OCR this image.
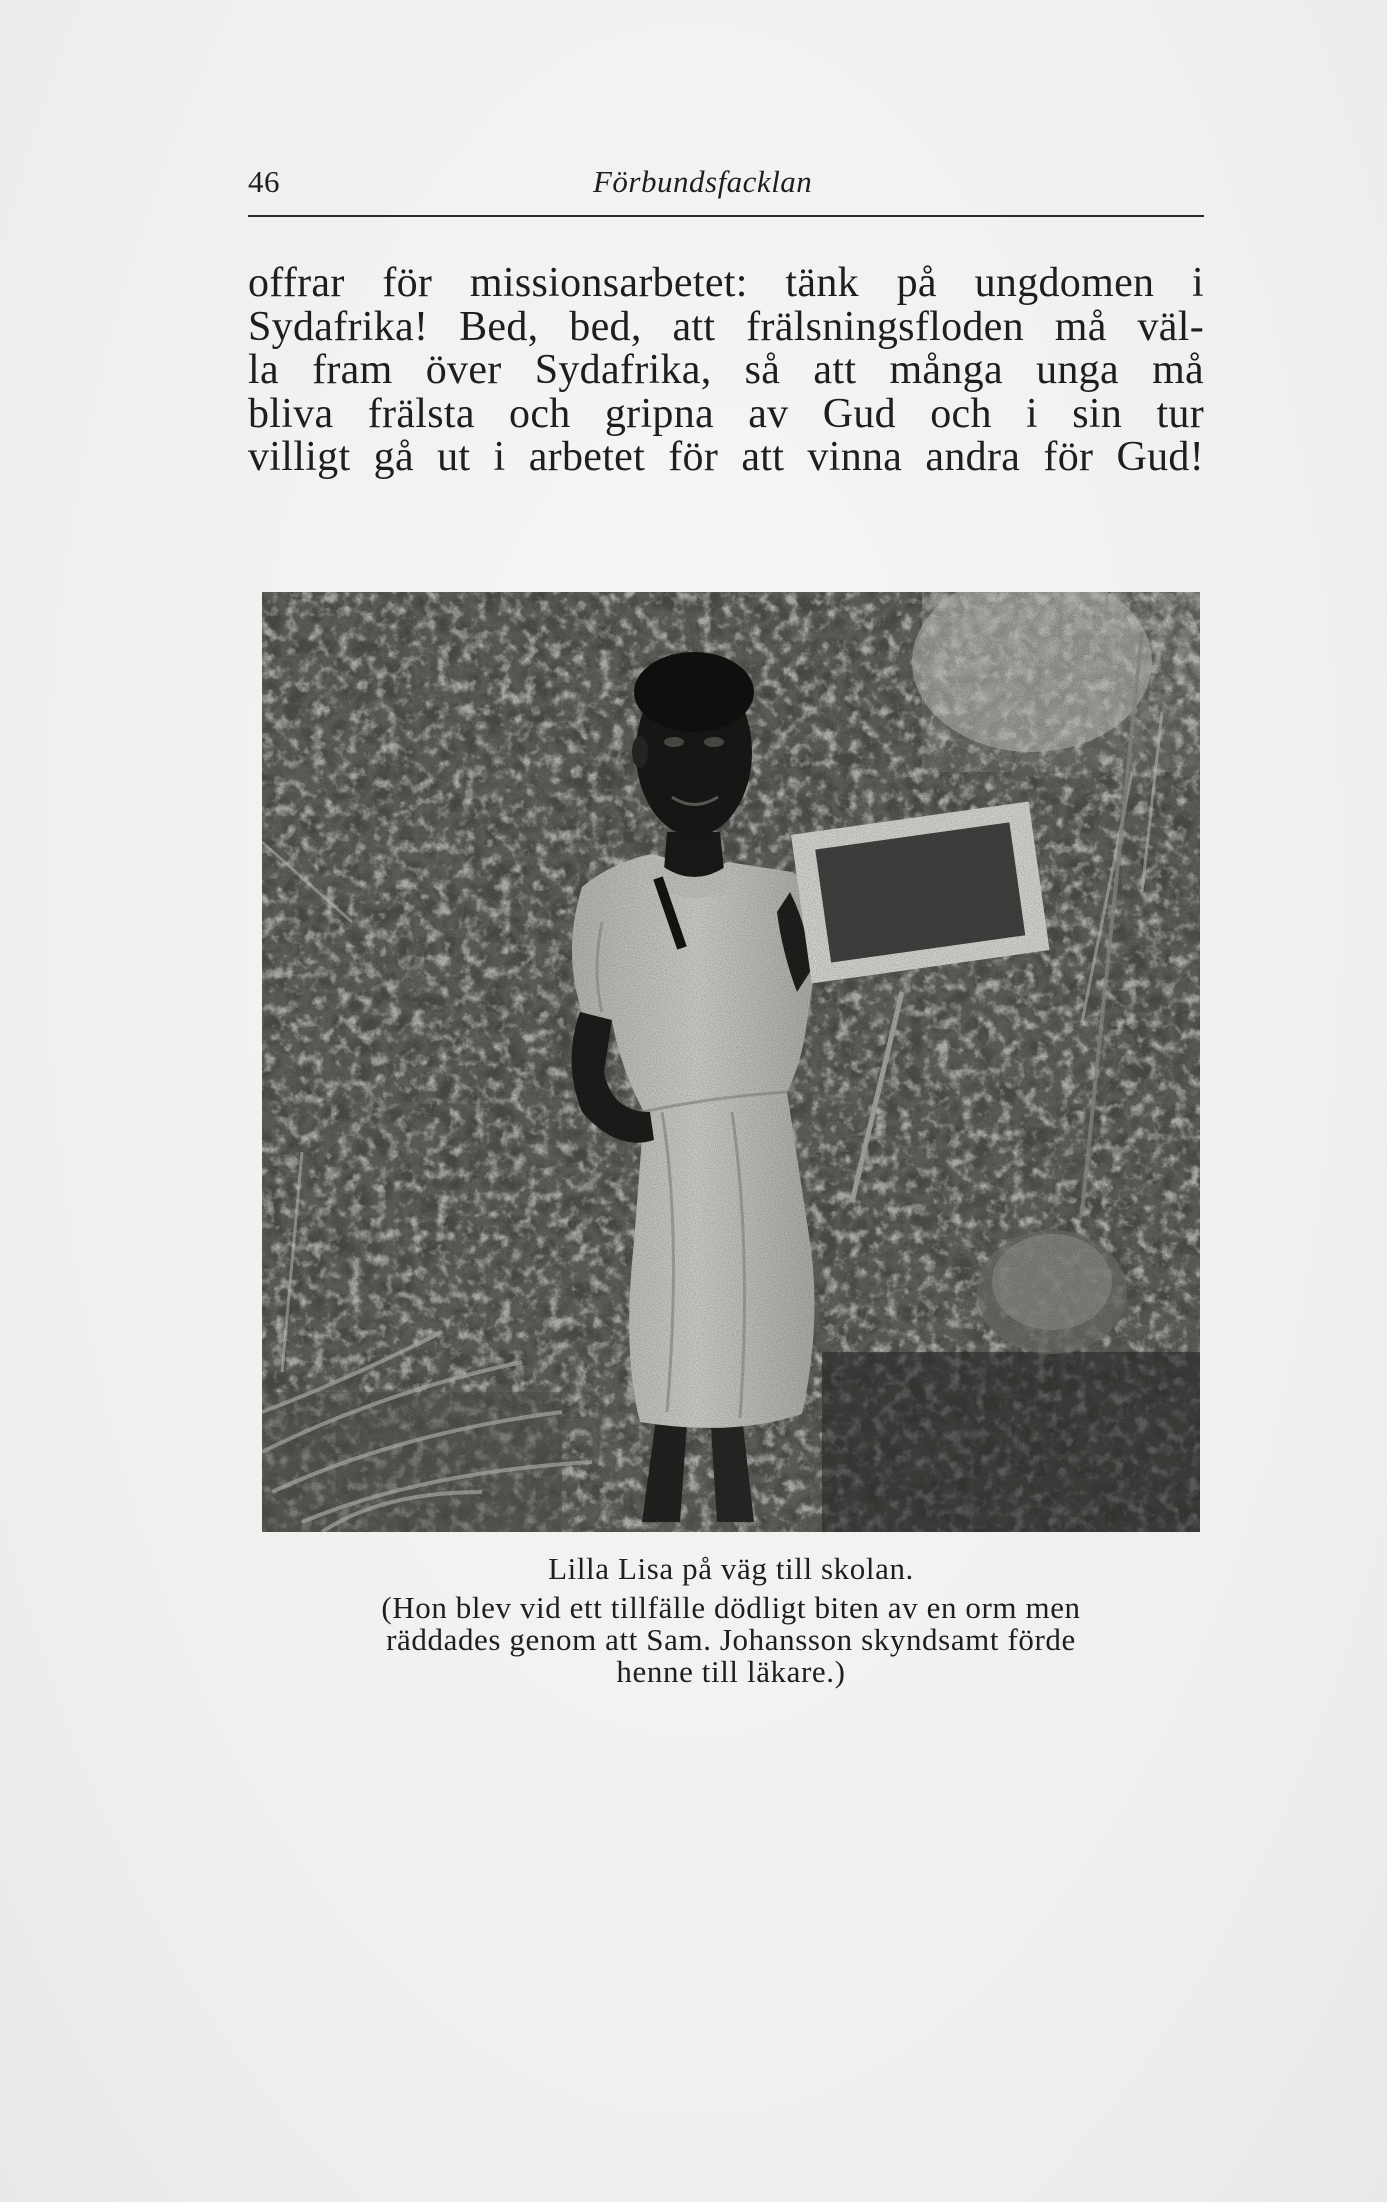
46	Förbundsfacklan
offrar för missionsarbetet: tänk på ungdomen i
Sydafrika! Bed, bed, att frälsningsfloden må väl-
la fram över Sydafrika, så att många unga må
bliva frälsta och gripna av Gud och i sin tur
villigt gå ut i arbetet för att vinna andra för Gud!
Lilla Lisa på väg till skolan.
(Hon blev vid ett tillfälle dödligt biten av en orm men
räddades genom att Sam. Johansson skyndsamt förde
henne till läkare.)
